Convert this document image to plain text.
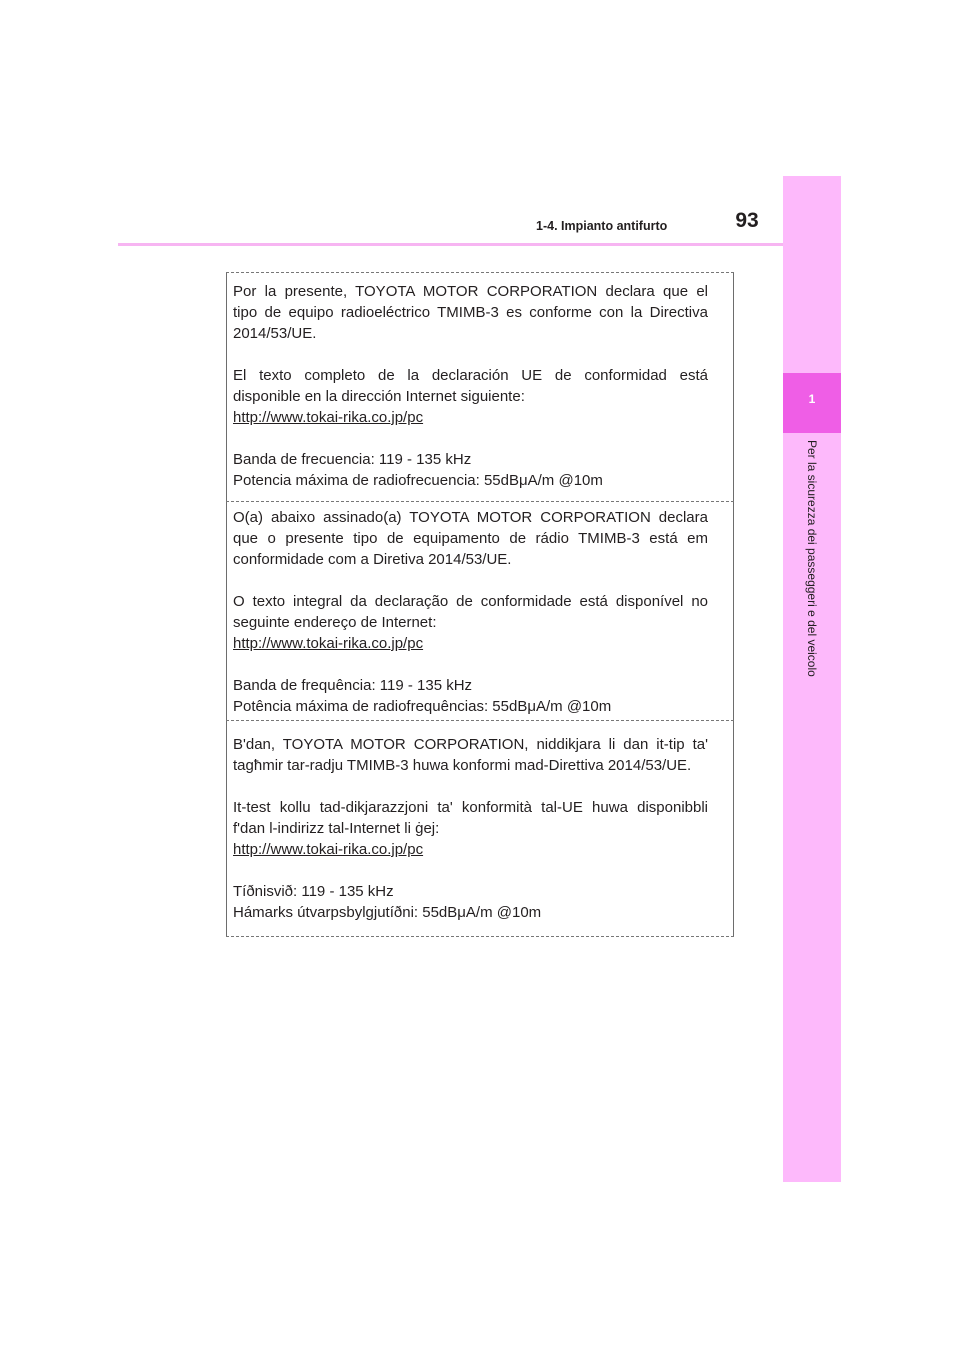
1-4. Impianto antifurto	93
1
Per la sicurezza dei passeggeri e del veicolo

Por la presente, TOYOTA MOTOR CORPORATION declara que el

tipo de equipo radioeléctrico TMIMB-3 es conforme con la Directiva

2014/53/UE.

El texto completo de la declaración UE de conformidad está

disponible en la dirección Internet siguiente:

http://www.tokai-rika.co.jp/pc

Banda de frecuencia: 119 - 135 kHz

Potencia máxima de radiofrecuencia: 55dBμA/m @10m

O(a) abaixo assinado(a) TOYOTA MOTOR CORPORATION declara

que o presente tipo de equipamento de rádio TMIMB-3 está em

conformidade com a Diretiva 2014/53/UE.

O texto integral da declaração de conformidade está disponível no

seguinte endereço de Internet:

http://www.tokai-rika.co.jp/pc

Banda de frequência: 119 - 135 kHz

Potência máxima de radiofrequências: 55dBμA/m @10m

B'dan, TOYOTA MOTOR CORPORATION, niddikjara li dan it-tip ta'

tagħmir tar-radju TMIMB-3 huwa konformi mad-Direttiva 2014/53/UE.

It-test kollu tad-dikjarazzjoni ta' konformità tal-UE huwa disponibbli

f'dan l-indirizz tal-Internet li ġej:

http://www.tokai-rika.co.jp/pc

Tíðnisvið: 119 - 135 kHz

Hámarks útvarpsbylgjutíðni: 55dBμA/m @10m
